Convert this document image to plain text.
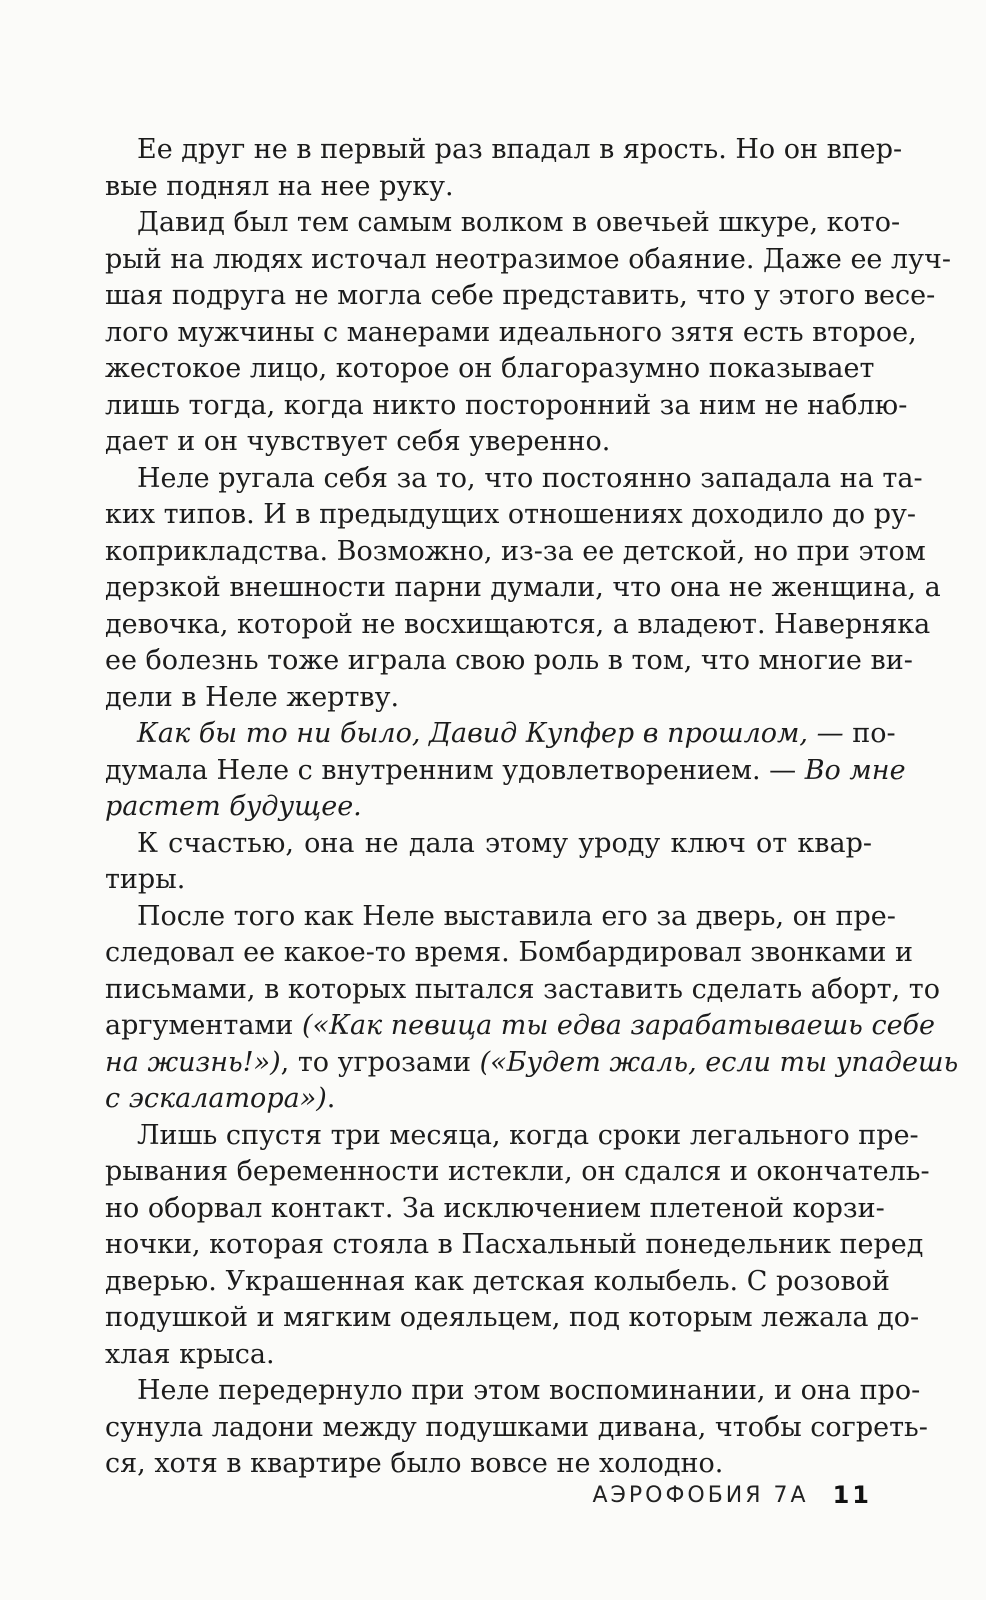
Ее друг не в первый раз впадал в ярость. Но он впер-
вые поднял на нее руку.
Давид был тем самым волком в овечьей шкуре, кото-
рый на людях источал неотразимое обаяние. Даже ее луч-
шая подруга не могла себе представить, что у этого весе-
лого мужчины с манерами идеального зятя есть второе,
жестокое лицо, которое он благоразумно показывает
лишь тогда, когда никто посторонний за ним не наблю-
дает и он чувствует себя уверенно.
Неле ругала себя за то, что постоянно западала на та-
ких типов. И в предыдущих отношениях доходило до ру-
коприкладства. Возможно, из-за ее детской, но при этом
дерзкой внешности парни думали, что она не женщина, а
девочка, которой не восхищаются, а владеют. Наверняка
ее болезнь тоже играла свою роль в том, что многие ви-
дели в Неле жертву.
Как бы то ни было, Давид Купфер в прошлом, — по-
думала Неле с внутренним удовлетворением. — Во мне
растет будущее.
К счастью, она не дала этому уроду ключ от квар-
тиры.
После того как Неле выставила его за дверь, он пре-
следовал ее какое-то время. Бомбардировал звонками и
письмами, в которых пытался заставить сделать аборт, то
аргументами («Как певица ты едва зарабатываешь себе
на жизнь!»), то угрозами («Будет жаль, если ты упадешь
с эскалатора»).
Лишь спустя три месяца, когда сроки легального пре-
рывания беременности истекли, он сдался и окончатель-
но оборвал контакт. За исключением плетеной корзи-
ночки, которая стояла в Пасхальный понедельник перед
дверью. Украшенная как детская колыбель. С розовой
подушкой и мягким одеяльцем, под которым лежала до-
хлая крыса.
Неле передернуло при этом воспоминании, и она про-
сунула ладони между подушками дивана, чтобы согреть-
ся, хотя в квартире было вовсе не холодно.
АЭРОФОБИЯ 7А 11
